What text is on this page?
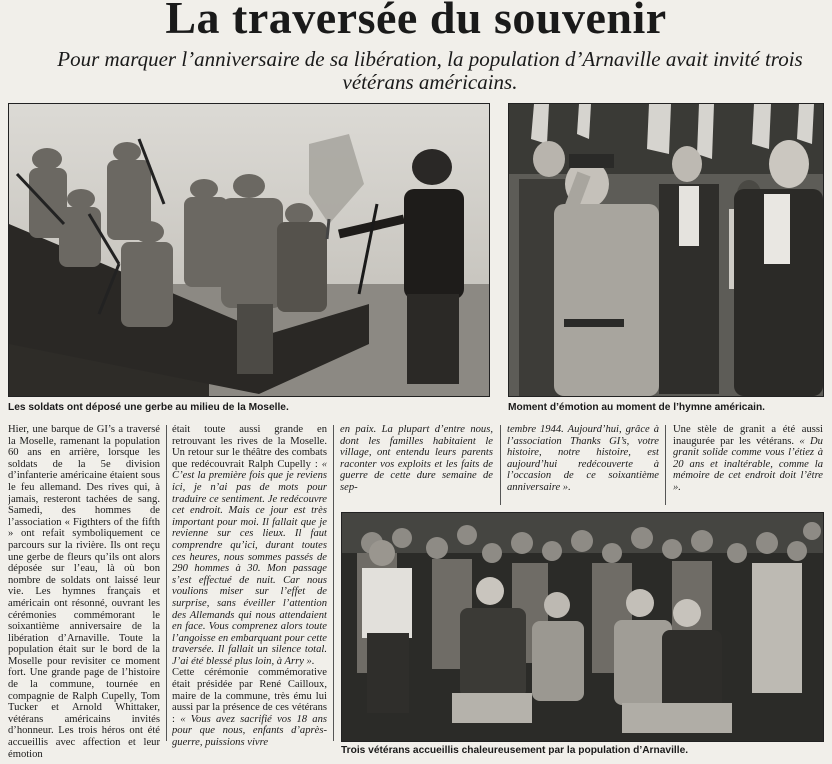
La traversée du souvenir
Pour marquer l’anniversaire de sa libération, la population d’Arnaville avait invité trois vétérans américains.
Les soldats ont déposé une gerbe au milieu de la Moselle.	Moment d’émotion au moment de l’hymne américain.
Trois vétérans accueillis chaleureusement par la population d’Arnaville.

Hier, une barque de GI’s a traversé la Moselle, ramenant la population 60 ans en arrière, lorsque les soldats de la 5e division d’infanterie américaine étaient sous le feu allemand. Des rives qui, à jamais, resteront tachées de sang. Samedi, des hommes de l’association « Figthters of the fifth » ont refait symboliquement ce parcours sur la rivière. Ils ont reçu une gerbe de fleurs qu’ils ont alors déposée sur l’eau, là où bon nombre de soldats ont laissé leur vie. Les hymnes français et américain ont résonné, ouvrant les cérémonies commémorant le soixantième anniversaire de la libération d’Arnaville. Toute la population était sur le bord de la Moselle pour revisiter ce moment fort. Une grande page de l’histoire de la commune, tournée en compagnie de Ralph Cupelly, Tom Tucker et Arnold Whittaker, vétérans américains invités d’honneur. Les trois héros ont été accueillis avec affection et leur émotion

était toute aussi grande en retrouvant les rives de la Moselle. Un retour sur le théâtre des combats que redécouvrait Ralph Cupelly : « C’est la première fois que je reviens ici, je n’ai pas de mots pour traduire ce sentiment. Je redécouvre cet endroit. Mais ce jour est très important pour moi. Il fallait que je revienne sur ces lieux. Il faut comprendre qu’ici, durant toutes ces heures, nous sommes passés de 290 hommes à 30. Mon passage s’est effectué de nuit. Car nous voulions miser sur l’effet de surprise, sans éveiller l’attention des Allemands qui nous attendaient en face. Vous comprenez alors toute l’angoisse en embarquant pour cette traversée. Il fallait un silence total. J’ai été blessé plus loin, à Arry ».

Cette cérémonie commémorative était présidée par René Cailloux, maire de la commune, très ému lui aussi par la présence de ces vétérans : « Vous avez sacrifié vos 18 ans pour que nous, enfants d’après-guerre, puissions vivre

en paix. La plupart d’entre nous, dont les familles habitaient le village, ont entendu leurs parents raconter vos exploits et les faits de guerre de cette dure semaine de sep-

tembre 1944. Aujourd’hui, grâce à l’association Thanks GI’s, votre histoire, notre histoire, est aujourd’hui redécouverte à l’occasion de ce soixantième anniversaire ».

Une stèle de granit a été aussi inaugurée par les vétérans. « Du granit solide comme vous l’étiez à 20 ans et inaltérable, comme la mémoire de cet endroit doit l’être ».
